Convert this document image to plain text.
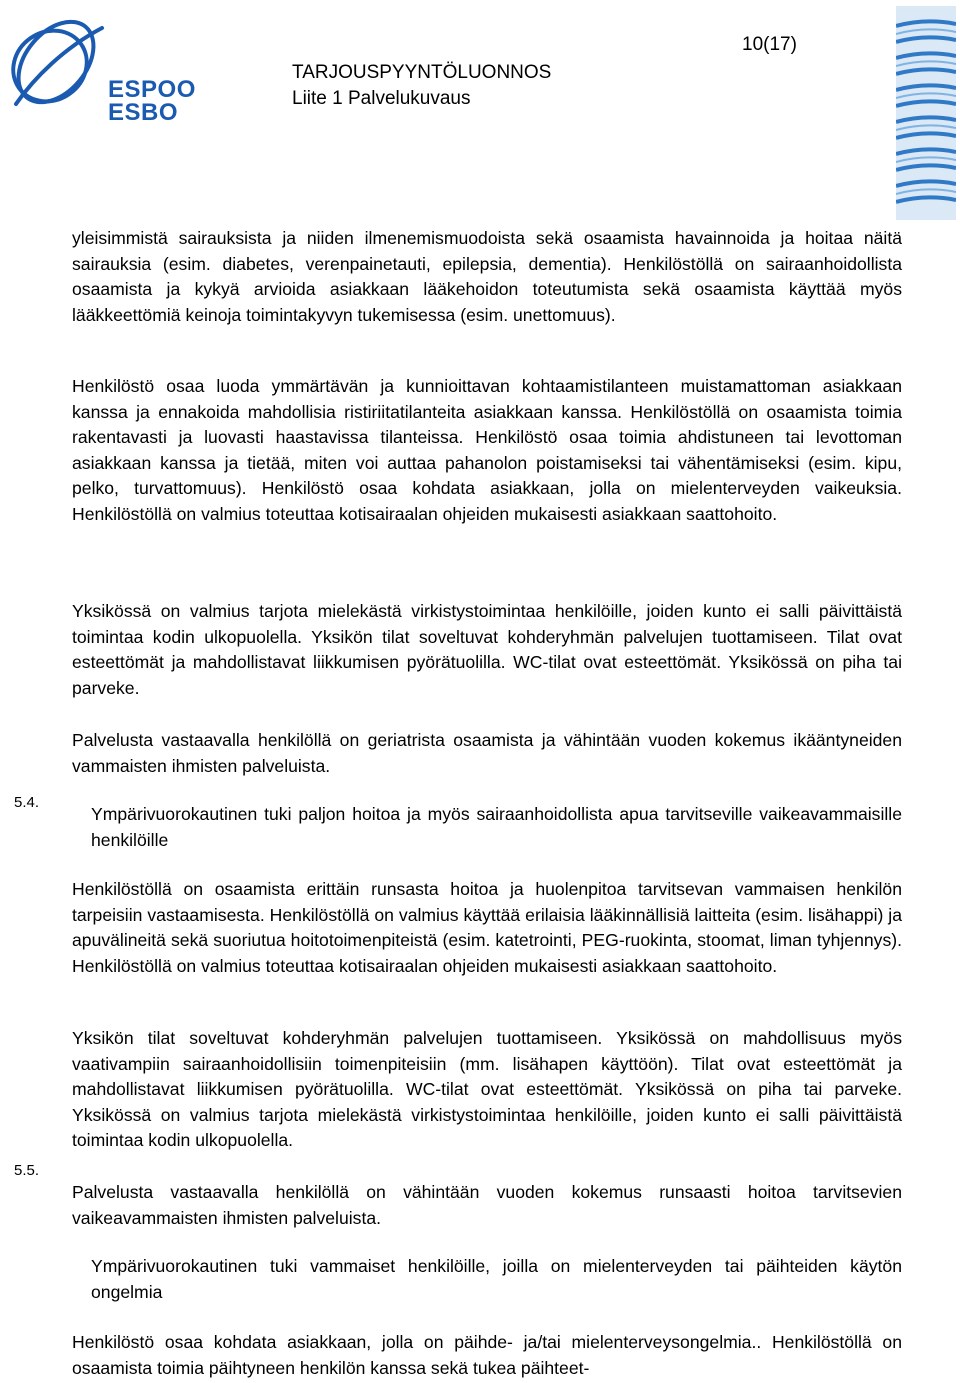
ESPOO
ESBO
10(17)
TARJOUSPYYNTÖLUONNOS
Liite 1 Palvelukuvaus

yleisimmistä sairauksista ja niiden ilmenemismuodoista sekä osaamista havainnoida ja hoitaa näitä sairauksia (esim. diabetes, verenpainetauti, epilepsia, dementia). Henkilöstöllä on sairaanhoidollista osaamista ja kykyä arvioida asiakkaan lääkehoidon toteutumista sekä osaamista käyttää myös lääkkeettömiä keinoja toimintakyvyn tukemisessa (esim. unettomuus).

Henkilöstö osaa luoda ymmärtävän ja kunnioittavan kohtaamistilanteen muistamattoman asiakkaan kanssa ja ennakoida mahdollisia ristiriitatilanteita asiakkaan kanssa. Henkilöstöllä on osaamista toimia rakentavasti ja luovasti haastavissa tilanteissa. Henkilöstö osaa toimia ahdistuneen tai levottoman asiakkaan kanssa ja tietää, miten voi auttaa pahanolon poistamiseksi tai vähentämiseksi (esim. kipu, pelko, turvattomuus). Henkilöstö osaa kohdata asiakkaan, jolla on mielenterveyden vaikeuksia. Henkilöstöllä on valmius toteuttaa kotisairaalan ohjeiden mukaisesti asiakkaan saattohoito.

Yksikössä on valmius tarjota mielekästä virkistystoimintaa henkilöille, joiden kunto ei salli päivittäistä toimintaa kodin ulkopuolella. Yksikön tilat soveltuvat kohderyhmän palvelujen tuottamiseen. Tilat ovat esteettömät ja mahdollistavat liikkumisen pyörätuolilla. WC-tilat ovat esteettömät. Yksikössä on piha tai parveke.

Palvelusta vastaavalla henkilöllä on geriatrista osaamista ja vähintään vuoden kokemus ikääntyneiden vammaisten ihmisten palveluista.

5.4.

Ympärivuorokautinen tuki paljon hoitoa ja myös sairaanhoidollista apua tarvitseville vaikeavammaisille henkilöille

Henkilöstöllä on osaamista erittäin runsasta hoitoa ja huolenpitoa tarvitsevan vammaisen henkilön tarpeisiin vastaamisesta. Henkilöstöllä on valmius käyttää erilaisia lääkinnällisiä laitteita (esim. lisähappi) ja apuvälineitä sekä suoriutua hoitotoimenpiteistä (esim. katetrointi, PEG-ruokinta, stoomat, liman tyhjennys). Henkilöstöllä on valmius toteuttaa kotisairaalan ohjeiden mukaisesti asiakkaan saattohoito.

Yksikön tilat soveltuvat kohderyhmän palvelujen tuottamiseen. Yksikössä on mahdollisuus myös vaativampiin sairaanhoidollisiin toimenpiteisiin (mm. lisähapen käyttöön). Tilat ovat esteettömät ja mahdollistavat liikkumisen pyörätuolilla. WC-tilat ovat esteettömät. Yksikössä on piha tai parveke. Yksikössä on valmius tarjota mielekästä virkistystoimintaa henkilöille, joiden kunto ei salli päivittäistä toimintaa kodin ulkopuolella.

5.5.

Palvelusta vastaavalla henkilöllä on vähintään vuoden kokemus runsaasti hoitoa tarvitsevien vaikeavammaisten ihmisten palveluista.

Ympärivuorokautinen tuki vammaiset henkilöille, joilla on mielenterveyden tai päihteiden käytön ongelmia

Henkilöstö osaa kohdata asiakkaan, jolla on päihde- ja/tai mielenterveysongelmia.. Henkilöstöllä on osaamista toimia päihtyneen henkilön kanssa sekä tukea päihteet-
